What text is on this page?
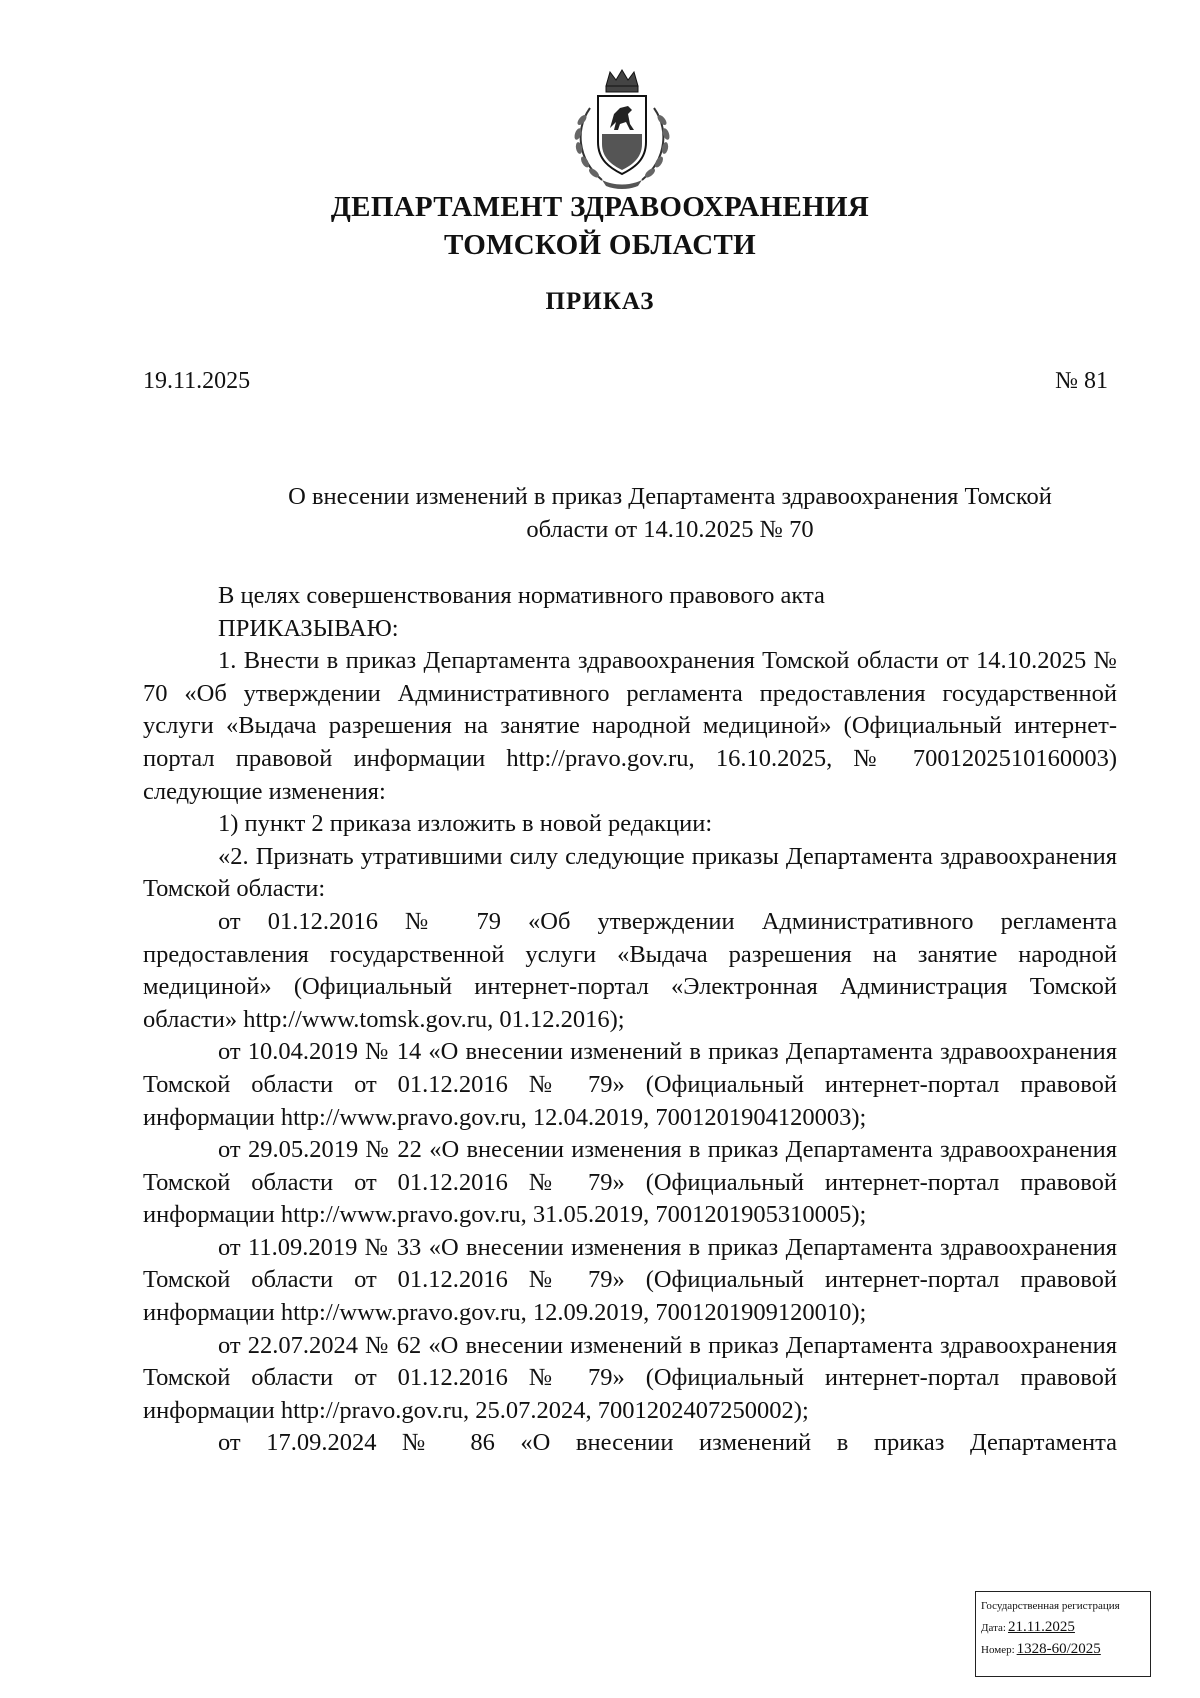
ДЕПАРТАМЕНТ ЗДРАВООХРАНЕНИЯ
ТОМСКОЙ ОБЛАСТИ
ПРИКАЗ
19.11.2025	№ 81
О внесении изменений в приказ Департамента здравоохранения Томской
области от 14.10.2025 № 70

В целях совершенствования нормативного правового акта

ПРИКАЗЫВАЮ:

1. Внести в приказ Департамента здравоохранения Томской области от 14.10.2025 № 70 «Об утверждении Административного регламента предоставления государственной услуги «Выдача разрешения на занятие народной медициной» (Официальный интернет-портал правовой информации http://pravo.gov.ru, 16.10.2025, № 7001202510160003) следующие изменения:

1) пункт 2 приказа изложить в новой редакции:

«2. Признать утратившими силу следующие приказы Департамента здравоохранения Томской области:

от 01.12.2016 № 79 «Об утверждении Административного регламента предоставления государственной услуги «Выдача разрешения на занятие народной медициной» (Официальный интернет-портал «Электронная Администрация Томской области» http://www.tomsk.gov.ru, 01.12.2016);

от 10.04.2019 № 14 «О внесении изменений в приказ Департамента здравоохранения Томской области от 01.12.2016 № 79» (Официальный интернет-портал правовой информации http://www.pravo.gov.ru, 12.04.2019, 7001201904120003);

от 29.05.2019 № 22 «О внесении изменения в приказ Департамента здравоохранения Томской области от 01.12.2016 № 79» (Официальный интернет-портал правовой информации http://www.pravo.gov.ru, 31.05.2019, 7001201905310005);

от 11.09.2019 № 33 «О внесении изменения в приказ Департамента здравоохранения Томской области от 01.12.2016 № 79» (Официальный интернет-портал правовой информации http://www.pravo.gov.ru, 12.09.2019, 7001201909120010);

от 22.07.2024 № 62 «О внесении изменений в приказ Департамента здравоохранения Томской области от 01.12.2016 № 79» (Официальный интернет-портал правовой информации http://pravo.gov.ru, 25.07.2024, 7001202407250002);

от 17.09.2024 № 86 «О внесении изменений в приказ Департамента

Государственная регистрация
Дата: 21.11.2025
Номер: 1328-60/2025
